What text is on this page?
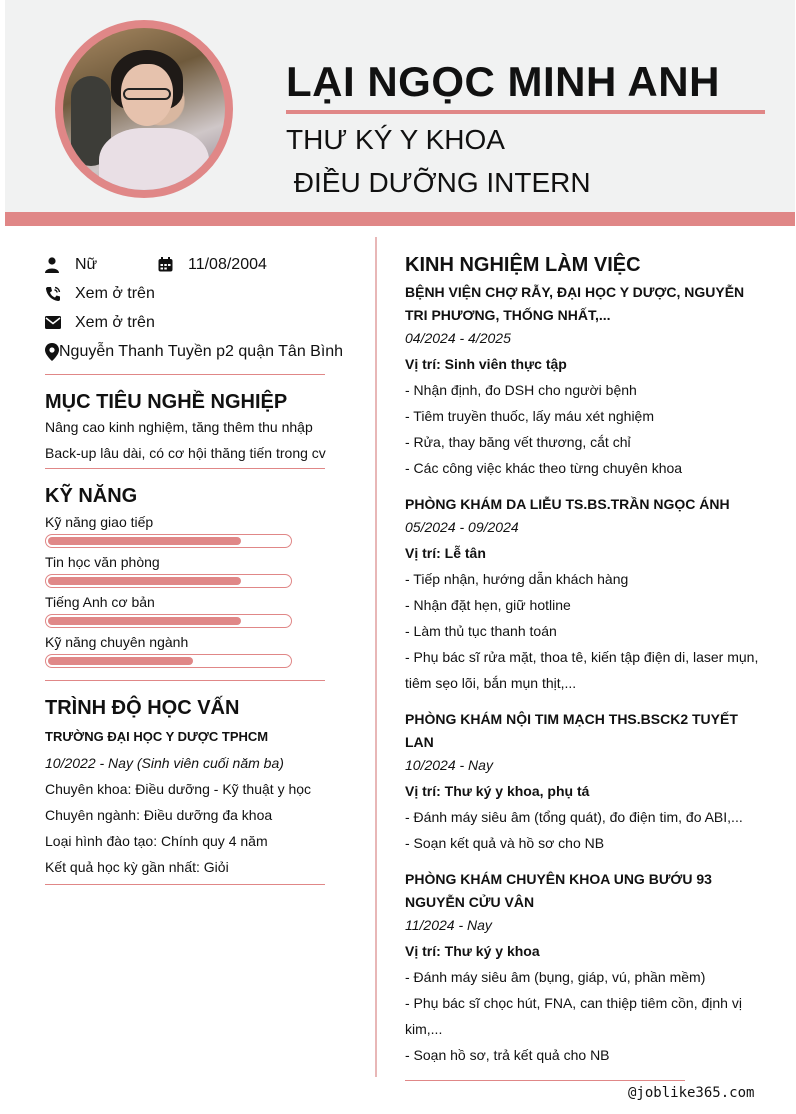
LẠI NGỌC MINH ANH
THƯ KÝ Y KHOA
ĐIỀU DƯỠNG INTERN
Nữ	11/08/2004
Xem ở trên
Xem ở trên
Nguyễn Thanh Tuyền p2 quận Tân Bình
MỤC TIÊU NGHỀ NGHIỆP
Nâng cao kinh nghiệm, tăng thêm thu nhập
Back-up lâu dài, có cơ hội thăng tiến trong cv
KỸ NĂNG
Kỹ năng giao tiếp
Tin học văn phòng
Tiếng Anh cơ bản
Kỹ năng chuyên ngành
TRÌNH ĐỘ HỌC VẤN
TRƯỜNG ĐẠI HỌC Y DƯỢC TPHCM
10/2022 - Nay (Sinh viên cuối năm ba)
Chuyên khoa: Điều dưỡng - Kỹ thuật y học
Chuyên ngành: Điều dưỡng đa khoa
Loại hình đào tạo: Chính quy 4 năm
Kết quả học kỳ gần nhất: Giỏi
KINH NGHIỆM LÀM VIỆC
BỆNH VIỆN CHỢ RẪY, ĐẠI HỌC Y DƯỢC, NGUYỄN TRI PHƯƠNG, THỐNG NHẤT,...
04/2024 - 4/2025
Vị trí: Sinh viên thực tập
- Nhận định, đo DSH cho người bệnh
- Tiêm truyền thuốc, lấy máu xét nghiệm
- Rửa, thay băng vết thương, cắt chỉ
- Các công việc khác theo từng chuyên khoa
PHÒNG KHÁM DA LIỄU TS.BS.TRẦN NGỌC ÁNH
05/2024 - 09/2024
Vị trí: Lễ tân
- Tiếp nhận, hướng dẫn khách hàng
- Nhận đặt hẹn, giữ hotline
- Làm thủ tục thanh toán
- Phụ bác sĩ rửa mặt, thoa tê, kiến tập điện di, laser mụn, tiêm sẹo lõi, bắn mụn thịt,...
PHÒNG KHÁM NỘI TIM MẠCH THS.BSCK2 TUYẾT LAN
10/2024 - Nay
Vị trí: Thư ký y khoa, phụ tá
- Đánh máy siêu âm (tổng quát), đo điện tim, đo ABI,...
- Soạn kết quả và hồ sơ cho NB
PHÒNG KHÁM CHUYÊN KHOA UNG BƯỚU 93 NGUYỄN CỬU VÂN
11/2024 - Nay
Vị trí: Thư ký y khoa
- Đánh máy siêu âm (bụng, giáp, vú, phần mềm)
- Phụ bác sĩ chọc hút, FNA, can thiệp tiêm cồn, định vị kim,...
- Soạn hồ sơ, trả kết quả cho NB
@joblike365.com
